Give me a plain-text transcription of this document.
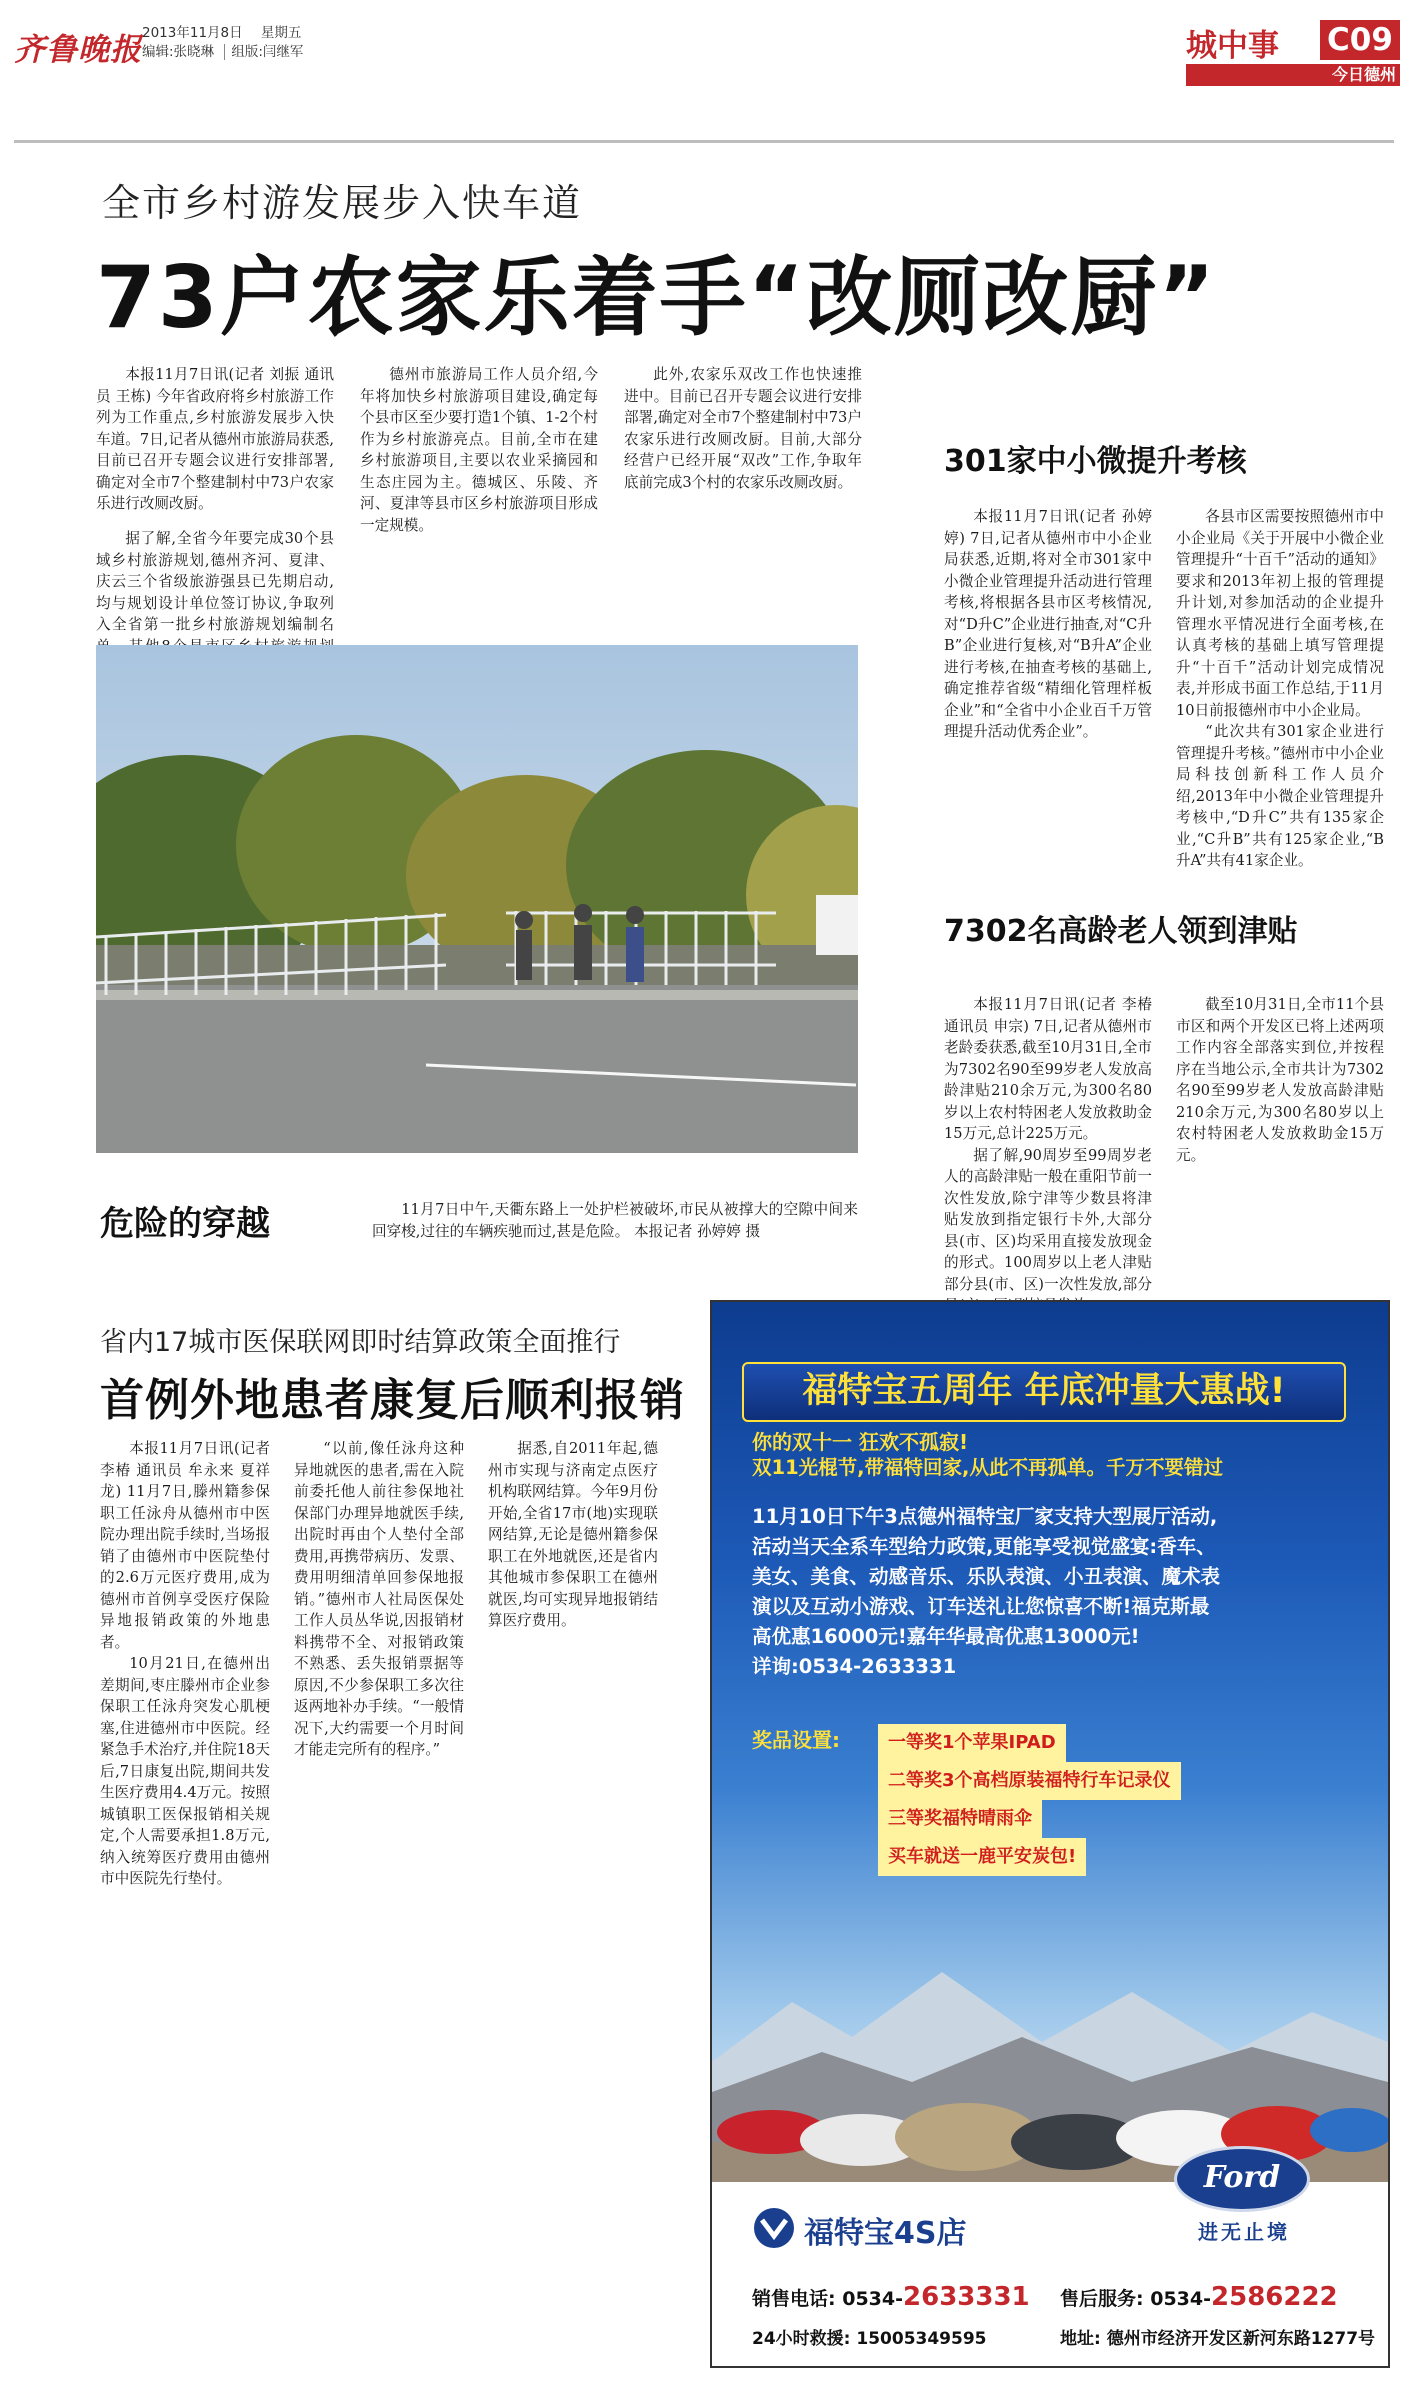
齐鲁晚报 2013年11月8日 星期五
编辑:张晓琳 组版:闫继军	城中事 C09
今日德州
全市乡村游发展步入快车道
73户农家乐着手“改厕改厨”

本报11月7日讯(记者 刘振 通讯员 王栋) 今年省政府将乡村旅游工作列为工作重点,乡村旅游发展步入快车道。7日,记者从德州市旅游局获悉,目前已召开专题会议进行安排部署,确定对全市7个整建制村中73户农家乐进行改厕改厨。

据了解,全省今年要完成30个县域乡村旅游规划,德州齐河、夏津、庆云三个省级旅游强县已先期启动,均与规划设计单位签订协议,争取列入全省第一批乡村旅游规划编制名

德州市旅游局工作人员介绍,今年将加快乡村旅游项目建设,确定每个县市区至少要打造1个镇、1-2个村作为乡村旅游亮点。目前,全市在建乡村旅游项目,主要以农业采摘园和生态庄园为主。德城区、乐陵、齐河、夏津等县市区乡村旅游项目形成一定规模。

此外,农家乐双改工作也快速推进中。目前已召开专题会议进行安排部署,确定对全市7个整建制村中73户农家乐进行改厕改厨。目前,大部分经营户已经开展“双改”工作,争取年底前完成3个村的农家乐改厕改厨。

危险的穿越	11月7日中午,天衢东路上一处护栏被破坏,市民从被撑大的空隙中间来回穿梭,过往的车辆疾驰而过,甚是危险。 本报记者 孙婷婷 摄
301家中小微提升考核

本报11月7日讯(记者 孙婷婷) 7日,记者从德州市中小企业局获悉,近期,将对全市301家中小微企业管理提升活动进行管理考核,将根据各县市区考核情况,对“D升C”企业进行抽查,对“C升B”企业进行复核,对“B升A”企业进行考核,在抽查考核的基础上,确定推荐省级“精细化管理样板企业”和“全省中小企业百千万管理提升活动优秀企业”。

各县市区需要按照德州市中小企业局《关于开展中小微企业管理提升“十百千”活动的通知》要求和2013年初上报的管理提升计划,对参加活动的企业提升管理水平情况进行全面考核,在认真考核的基础上填写管理提升“十百千”活动计划完成情况表,并形成书面工作总结,于11月10日前报德州市中小企业局。

“此次共有301家企业进行管理提升考核。”德州市中小企业局科技创新科工作人员介绍,2013年中小微企业管理提升考核中,“D升C”共有135家企业,“C升B”共有125家企业,“B升A”共有41家企业。

7302名高龄老人领到津贴

本报11月7日讯(记者 李椿 通讯员 申宗) 7日,记者从德州市老龄委获悉,截至10月31日,全市为7302名90至99岁老人发放高龄津贴210余万元,为300名80岁以上农村特困老人发放救助金15万元,总计225万元。

据了解,90周岁至99周岁老人的高龄津贴一般在重阳节前一次性发放,除宁津等少数县将津贴发放到指定银行卡外,大部分县(市、区)均采用直接发放现金的形式。100周岁以上老人津贴部分县(市、区)一次性发放,部分

截至10月31日,全市11个县市区和两个开发区已将上述两项工作内容全部落实到位,并按程序在当地公示,全市共计为7302名90至99岁老人发放高龄津贴210余万元,为300名80岁以上农村特困老人发放救助金15万元。

省内17城市医保联网即时结算政策全面推行
首例外地患者康复后顺利报销

本报11月7日讯(记者 李椿 通讯员 牟永来 夏祥龙) 11月7日,滕州籍参保职工任泳舟从德州市中医院办理出院手续时,当场报销了由德州市中医院垫付的2.6万元医疗费用,成为德州市首例享受医疗保险异地报销政策的外地患者。

10月21日,在德州出差期间,枣庄滕州市企业参保职工任泳舟突发心肌梗塞,住进德州市中医院。经紧急手术治疗,并住院18天后,7日康复出院,期间共发生医疗费用4.4万元。按照城镇职工医保报销相关规定,个人需要承担1.8万元,纳入统筹医疗费用由德州市中医院先行垫付。

“以前,像任泳舟这种异地就医的患者,需在入院前委托他人前往参保地社保部门办理异地就医手续,出院时再由个人垫付全部费用,再携带病历、发票、费用明细清单回参保地报销。”德州市人社局医保处工作人员丛华说,因报销材料携带不全、对报销政策不熟悉、丢失报销票据等原因,不少参保职工多次往返两地补办手续。“一般情况下,大约需要一个月时间才能走完所有的程序。”

据悉,自2011年起,德州市实现与济南定点医疗机构联网结算。今年9月份开始,全省17市(地)实现联网结算,无论是德州籍参保职工在外地就医,还是省内其他城市参保职工在德州就医,均可实现异地报销结算医疗费用。

福特宝五周年 年底冲量大惠战!
你的双十一 狂欢不孤寂!
双11光棍节,带福特回家,从此不再孤单。千万不要错过
11月10日下午3点德州福特宝厂家支持大型展厅活动,
活动当天全系车型给力政策,更能享受视觉盛宴:香车、
美女、美食、动感音乐、乐队表演、小丑表演、魔术表
演以及互动小游戏、订车送礼让您惊喜不断!福克斯最
高优惠16000元!嘉年华最高优惠13000元!
详询:0534-2633331
奖品设置:	一等奖1个苹果IPAD
二等奖3个高档原装福特行车记录仪
三等奖福特晴雨伞
买车就送一鹿平安炭包!
福特宝4S店
Ford
进无止境
销售电话: 0534-2633331 售后服务: 0534-2586222
24小时救援: 15005349595	地址: 德州市经济开发区新河东路1277号
